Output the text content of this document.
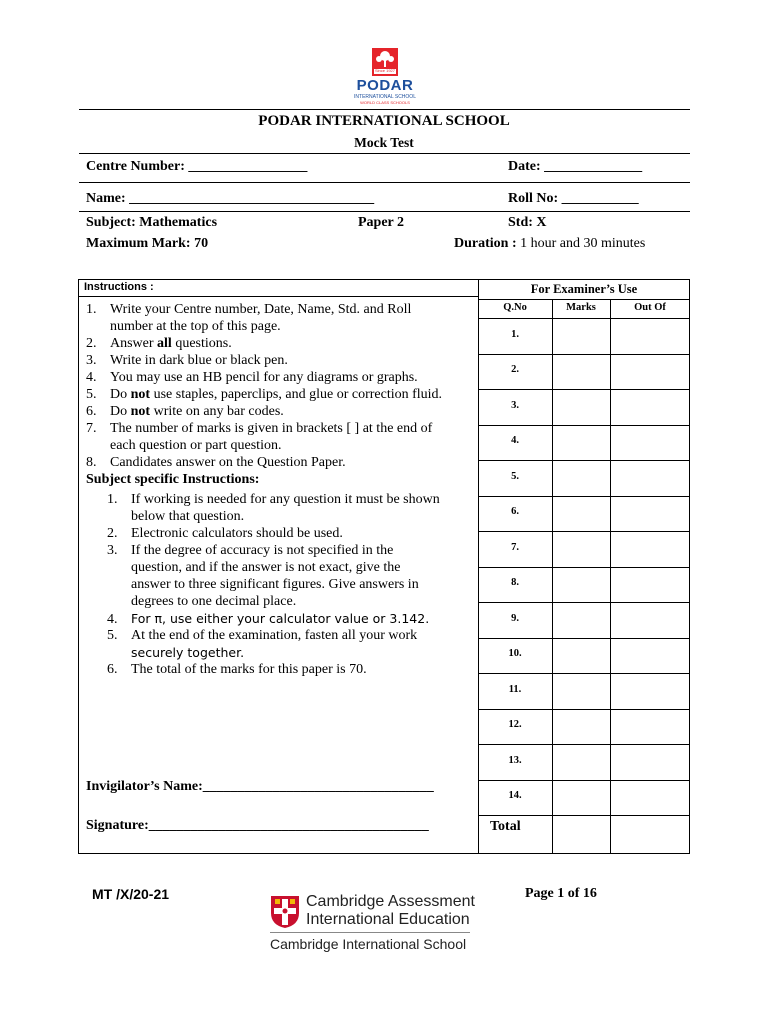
Since 1927
PODAR
INTERNATIONAL SCHOOL
WORLD CLASS SCHOOLS
PODAR INTERNATIONAL SCHOOL
Mock Test
Centre Number: _________________	Date: ______________
Name: ___________________________________	Roll No: ___________
Subject: Mathematics	Paper 2	Std: X
Maximum Mark: 70	Duration : 1 hour and 30 minutes
Instructions :
1. Write your Centre number, Date, Name, Std. and Roll
number at the top of this page.
2. Answer all questions.
3. Write in dark blue or black pen.
4. You may use an HB pencil for any diagrams or graphs.
5. Do not use staples, paperclips, and glue or correction fluid.
6. Do not write on any bar codes.
7. The number of marks is given in brackets [ ] at the end of
each question or part question.
8. Candidates answer on the Question Paper.
Subject specific Instructions:
1. If working is needed for any question it must be shown
below that question.
2. Electronic calculators should be used.
3. If the degree of accuracy is not specified in the
question, and if the answer is not exact, give the
answer to three significant figures. Give answers in
degrees to one decimal place.
4. For π, use either your calculator value or 3.142.
5. At the end of the examination, fasten all your work
securely together.
6. The total of the marks for this paper is 70.
Invigilator’s Name:_________________________________
Signature:________________________________________
For Examiner’s Use
Q.No	Marks	Out Of
1.
2.
3.
4.
5.
6.
7.
8.
9.
10.
11.
12.
13.
14.
Total
MT /X/20-21	Page 1 of 16
Cambridge Assessment
International Education
Cambridge International School
